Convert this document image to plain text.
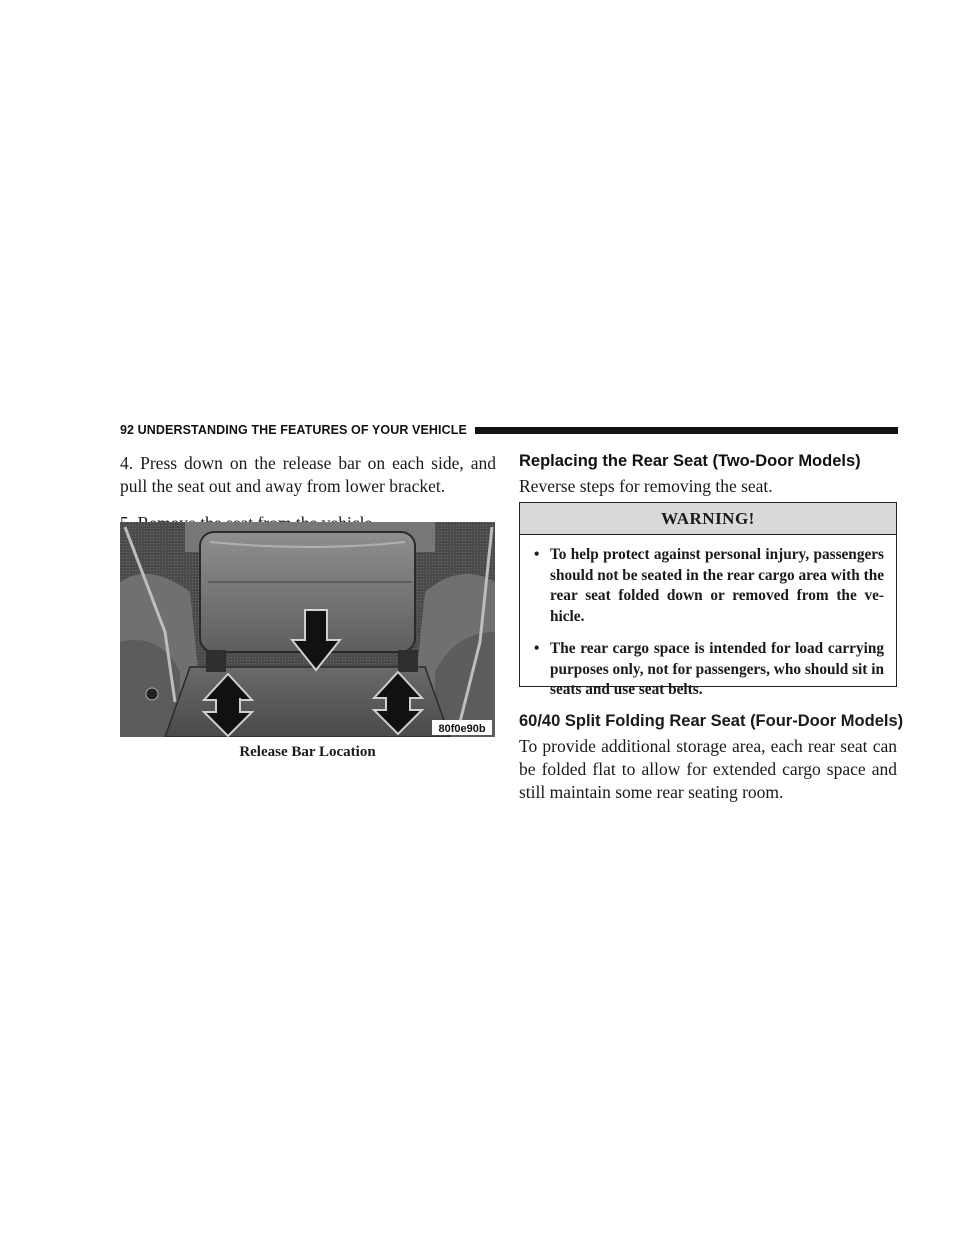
92 UNDERSTANDING THE FEATURES OF YOUR VEHICLE

4. Press down on the release bar on each side, and pull the seat out and away from lower bracket.

80f0e90b
Release Bar Location
Replacing the Rear Seat (Two-Door Models)

Reverse steps for removing the seat.

WARNING!
• To help protect against personal injury, passengers should not be seated in the rear cargo area with the rear seat folded down or removed from the ve-hicle.
• The rear cargo space is intended for load carrying purposes only, not for passengers, who should sit in seats and use seat belts.
60/40 Split Folding Rear Seat (Four-Door Models)

To provide additional storage area, each rear seat can be folded flat to allow for extended cargo space and still maintain some rear seating room.
